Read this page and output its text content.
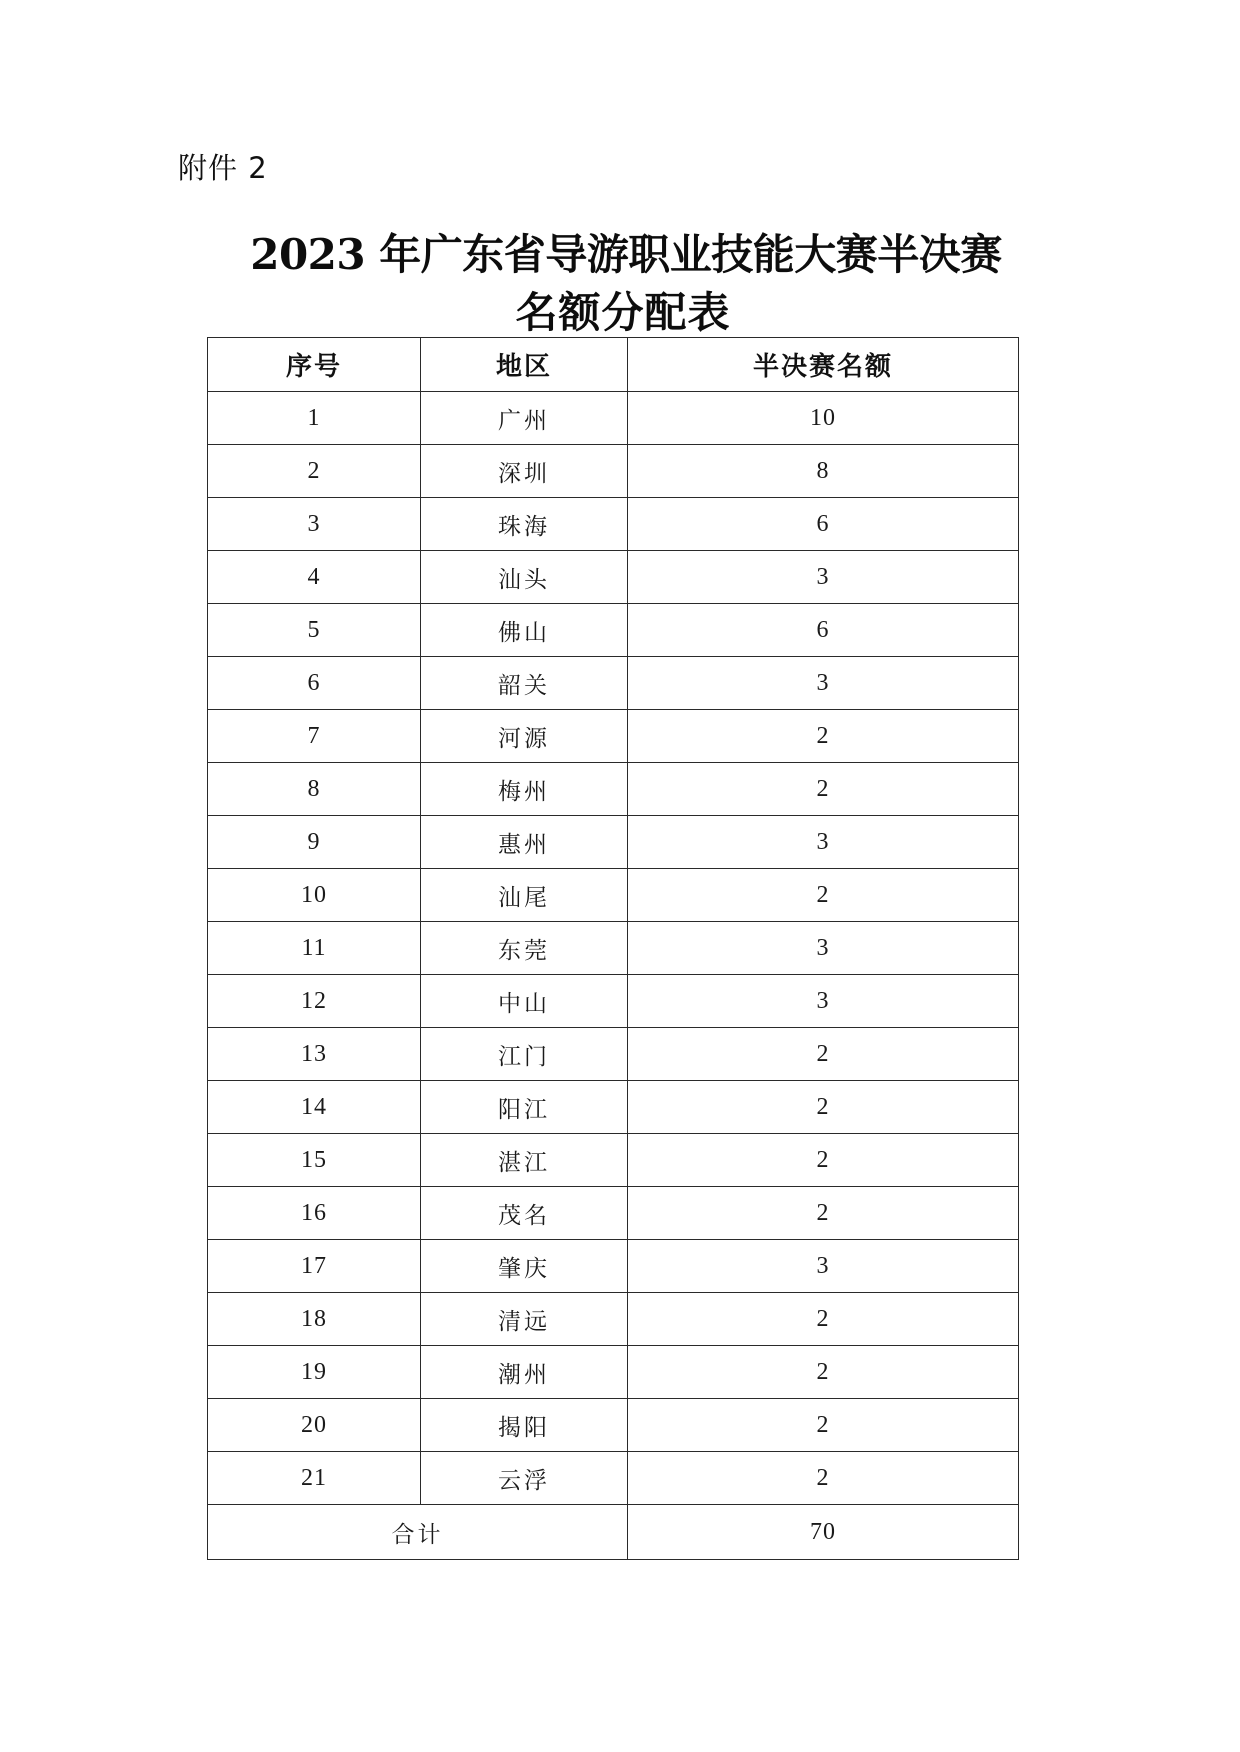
附件 2
2023 年广东省导游职业技能大赛半决赛
名额分配表
序号	地区	半决赛名额
1	广州	10
2	深圳	8
3	珠海	6
4	汕头	3
5	佛山	6
6	韶关	3
7	河源	2
8	梅州	2
9	惠州	3
10	汕尾	2
11	东莞	3
12	中山	3
13	江门	2
14	阳江	2
15	湛江	2
16	茂名	2
17	肇庆	3
18	清远	2
19	潮州	2
20	揭阳	2
21	云浮	2
合计		70
